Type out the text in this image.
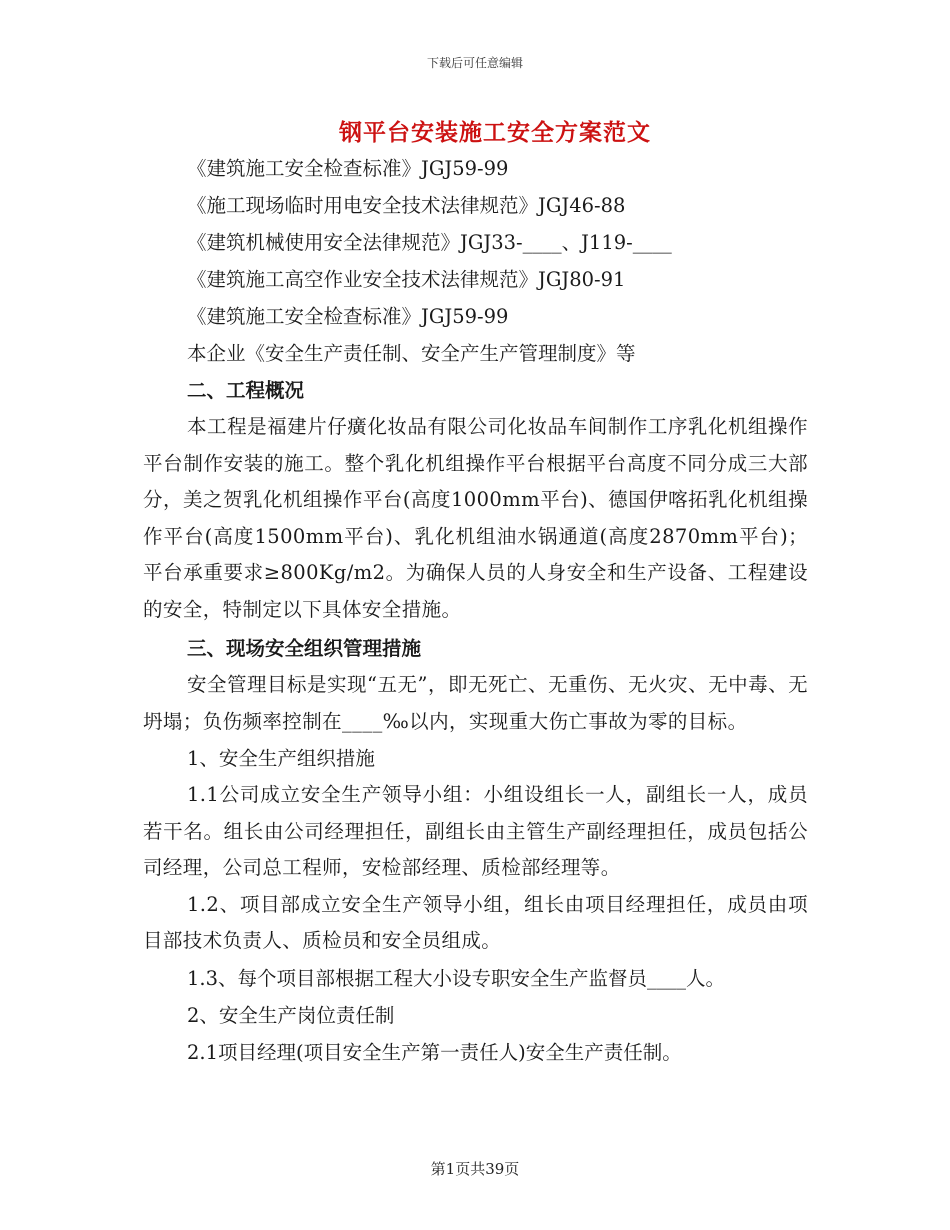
下载后可任意编辑
钢平台安装施工安全方案范文
《建筑施工安全检查标准》JGJ59-99
《施工现场临时用电安全技术法律规范》JGJ46-88
《建筑机械使用安全法律规范》JGJ33-____、J119-____
《建筑施工高空作业安全技术法律规范》JGJ80-91
《建筑施工安全检查标准》JGJ59-99
本企业《安全生产责任制、安全产生产管理制度》等
二、工程概况
本工程是福建片仔癀化妆品有限公司化妆品车间制作工序乳化机组操作平台制作安装的施工。整个乳化机组操作平台根据平台高度不同分成三大部分，美之贺乳化机组操作平台(高度1000mm平台)、德国伊喀拓乳化机组操作平台(高度1500mm平台)、乳化机组油水锅通道(高度2870mm平台)；平台承重要求≥800Kg/m2。为确保人员的人身安全和生产设备、工程建设的安全，特制定以下具体安全措施。
三、现场安全组织管理措施
安全管理目标是实现“五无”，即无死亡、无重伤、无火灾、无中毒、无坍塌；负伤频率控制在____‰以内，实现重大伤亡事故为零的目标。
1、安全生产组织措施
1.1公司成立安全生产领导小组：小组设组长一人，副组长一人，成员若干名。组长由公司经理担任，副组长由主管生产副经理担任，成员包括公司经理，公司总工程师，安检部经理、质检部经理等。
1.2、项目部成立安全生产领导小组，组长由项目经理担任，成员由项目部技术负责人、质检员和安全员组成。
1.3、每个项目部根据工程大小设专职安全生产监督员____人。
2、安全生产岗位责任制
2.1项目经理(项目安全生产第一责任人)安全生产责任制。
第1页共39页
